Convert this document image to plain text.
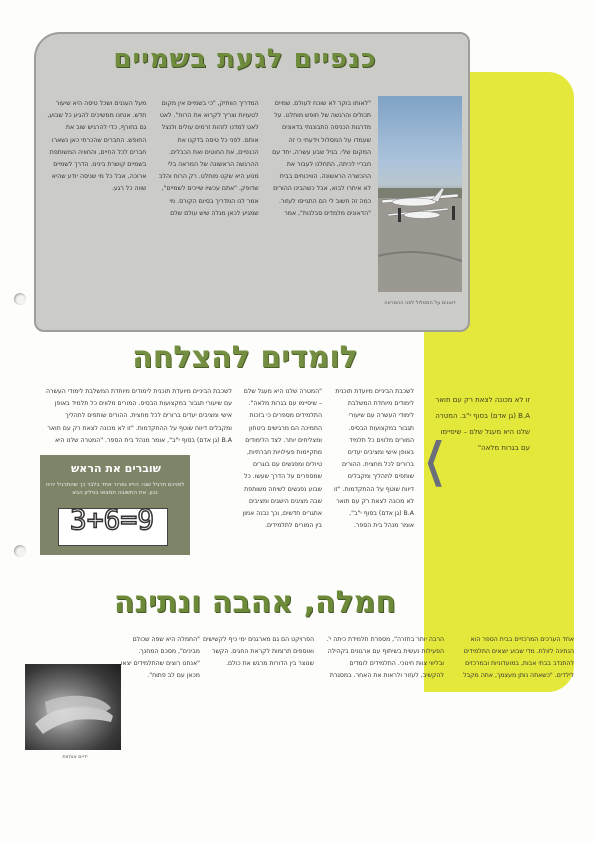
כנפיים לגעת בשמיים
"לאותו בוקר לא שוכח לעולם. שמיים תכולים והרגשה של חופש מוחלט. על מדרגות הכניסה התבוננתי בדאונים שעמדו על המסלול וידעתי כי זה המקום שלי. בגיל שבע עשרה, יחד עם חבריי לכיתה, התחלנו לעבור את ההכשרה הראשונה. הוויכוחים בבית לא איחרו לבוא, אבל כשהבינו ההורים כמה זה חשוב לי הם התגייסו לעזור. "הדאונים מלמדים סבלנות", אמר המדריך הוותיק, "כי בשמיים אין מקום לטעויות וצריך לקרוא את הרוח". לאט לאט למדנו לזהות זרמים עולים ולנצל אותם. לפני כל טיסה בדקנו את הכנפיים, את החוטים ואת הכבלים. ההרגשה הראשונה של המראה בלי מנוע היא שקט מוחלט. רק הרוח והלב שדופק. "אתם עכשיו שייכים לשמיים", אמר לנו המדריך בסיום הקורס. מי שמגיע לכאן מגלה שיש עולם שלם מעל העננים ושכל טיסה היא שיעור חדש. אנחנו ממשיכים להגיע כל שבוע, גם בחורף, כדי להרגיש שוב את החופש. החברים שהכרתי כאן נשארו חברים לכל החיים, והחוויה המשותפת בשמיים קושרת בינינו. הדרך לשמיים ארוכה, אבל כל מי שניסה יודע שהיא שווה כל רגע.
דאונים על המסלול לפני ההמראה
זו לא מכונה לצאת רק עם תואר B.A (גן אדם) בסוף י"ב. המטרה שלנו היא מעגל שלם – שיסיימו עם בגרות מלאה"
❮
לומדים להצלחה
לשכבת הביניים מיועדת תוכנית לימודים מיוחדת המשלבת לימודי העשרה עם שיעורי תגבור במקצועות הבסיס. המורים מלווים כל תלמיד באופן אישי ומציבים יעדים ברורים לכל מחצית. ההורים שותפים לתהליך ומקבלים דיווח שוטף על ההתקדמות. "זו לא מכונה לצאת רק עם תואר B.A (גן אדם) בסוף י"ב", אומר מנהל בית הספר. "המטרה שלנו היא מעגל שלם – שיסיימו עם בגרות מלאה". התלמידים מספרים כי בזכות התמיכה הם מרגישים ביטחון ומצליחים יותר. לצד הלימודים מתקיימות פעילויות חברתיות, טיולים ומפגשים עם בוגרים שמספרים על הדרך שעשו. כל שבוע נפגשים לשיחה משותפת שבה מציגים הישגים ומציבים אתגרים חדשים, וכך נבנה אמון בין המורים לתלמידים.
לשכבת הביניים מיועדת תוכנית לימודים מיוחדת המשלבת לימודי העשרה עם שיעורי תגבור במקצועות הבסיס. המורים מלווים כל תלמיד באופן אישי ומציבים יעדים ברורים לכל מחצית. ההורים שותפים לתהליך ומקבלים דיווח שוטף על ההתקדמות. "זו לא מכונה לצאת רק עם תואר B.A (גן אדם) בסוף י"ב", אומר מנהל בית הספר. "המטרה שלנו היא
שוברים את הראש
לפניכם תרגיל שגוי. הזיזו גפרור אחד בלבד כך שהתרגיל יהיה נכון. את התשובה תמצאו בגיליון הבא
3+6=9
חמלה, אהבה ונתינה
אחד הערכים המרכזיים בבית הספר הוא הנתינה לזולת. מדי שבוע יוצאים התלמידים להתנדב בבתי אבות, במועדוניות ובמרכזים לילדים. "כשאתה נותן מעצמך, אתה מקבל הרבה יותר בחזרה", מספרת תלמידת כיתה י'. הפעילות נעשית בשיתוף עם ארגונים בקהילה ובליווי צוות חינוכי. התלמידים לומדים להקשיב, לעזור ולראות את האחר. במסגרת הפרויקט הם גם מארגנים ימי כיף לקשישים ואוספים תרומות לקראת החגים. הקשר שנוצר בין הדורות מרגש את כולם.
"החמלה היא שפה שכולם מבינים", מסכם המחנך. "אנחנו רוצים שהתלמידים יצאו מכאן עם לב פתוח".
ידיים אוחזות
